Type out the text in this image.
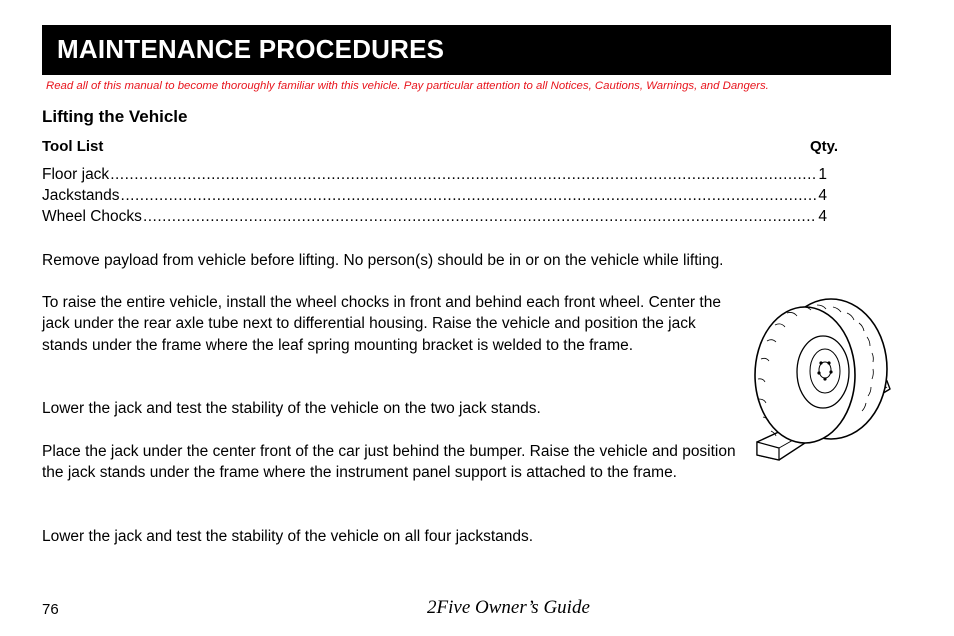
MAINTENANCE PROCEDURES
Read all of this manual to become thoroughly familiar with this vehicle. Pay particular attention to all Notices, Cautions, Warnings, and Dangers.
Lifting the Vehicle
Tool List	Qty.
Floor jack .....	1
Jackstands .....	4
Wheel Chocks .....	4

Remove payload from vehicle before lifting. No person(s) should be in or on the vehicle while lifting.

To raise the entire vehicle, install the wheel chocks in front and behind each front wheel. Center the jack under the rear axle tube next to differential housing. Raise the vehicle and position the jack stands under the frame where the leaf spring mounting bracket is welded to the frame.

Lower the jack and test the stability of the vehicle on the two jack stands.

Place the jack under the center front of the car just behind the bumper. Raise the vehicle and position the jack stands under the frame where the instrument panel support is attached to the frame.

Lower the jack and test the stability of the vehicle on all four jackstands.

76	2Five Owner’s Guide
